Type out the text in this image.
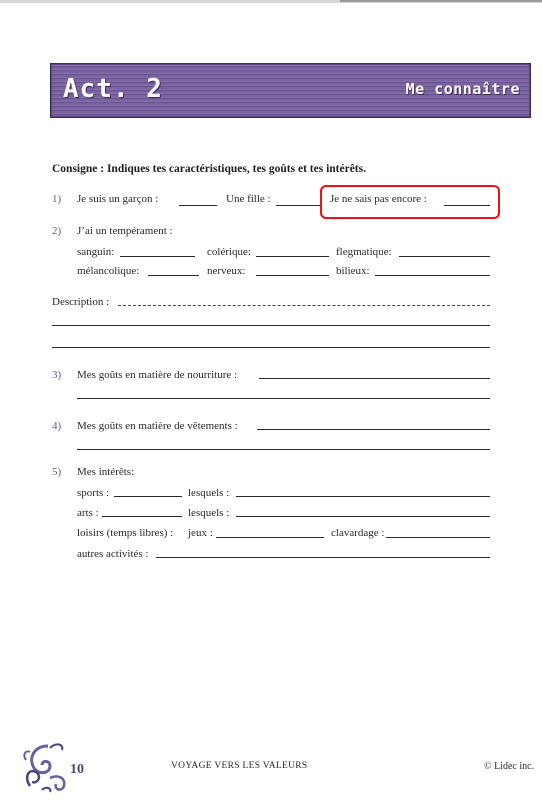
Act. 2	Me connaître
Consigne : Indiques tes caractéristiques, tes goûts et tes intérêts.
1) Je suis un garçon :	Une fille :	Je ne sais pas encore :
2) J’ai un tempérament :
sanguin:	colérique:	flegmatique:
mélancolique:	nerveux:	bilieux:
Description :
3) Mes goûts en matière de nourriture :
4) Mes goûts en matière de vêtements :
5) Mes intérêts:
sports :	lesquels :
arts :	lesquels :
loisirs (temps libres) : jeux :	clavardage :
autres activités :
10	VOYAGE VERS LES VALEURS	© Lidec inc.
